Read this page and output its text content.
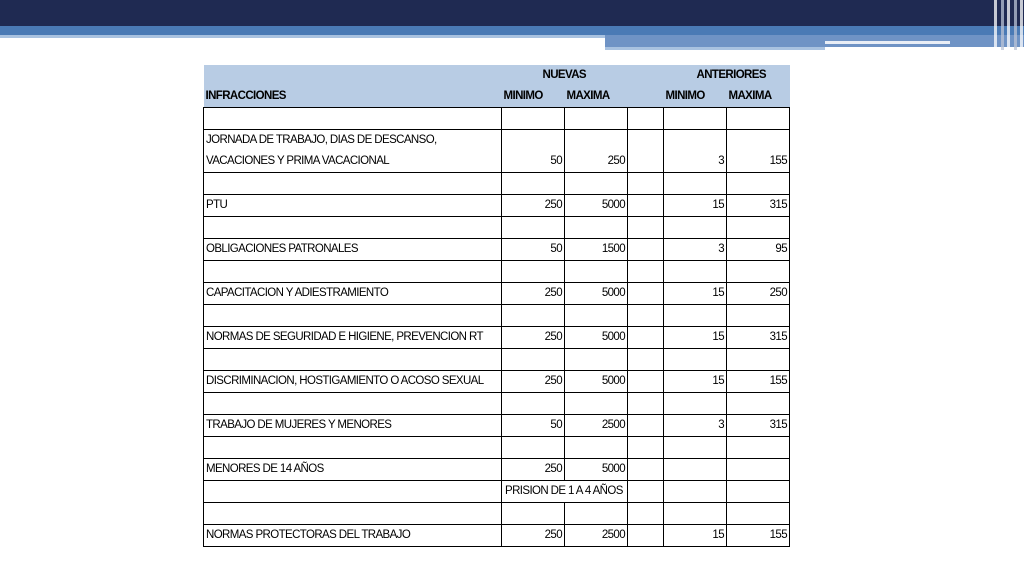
	NUEVAS			ANTERIORES	
INFRACCIONES	MINIMO	MAXIMA		MINIMO	MAXIMA

JORNADA DE TRABAJO, DIAS DE DESCANSO, VACACIONES Y PRIMA VACACIONAL	50	250		3	155

PTU	250	5000		15	315

OBLIGACIONES PATRONALES	50	1500		3	95

CAPACITACION Y ADIESTRAMIENTO	250	5000		15	250

NORMAS DE SEGURIDAD E HIGIENE, PREVENCION RT	250	5000		15	315

DISCRIMINACION, HOSTIGAMIENTO O ACOSO SEXUAL	250	5000		15	155

TRABAJO DE MUJERES Y MENORES	50	2500		3	315

MENORES DE 14 AÑOS	250	5000			
	PRISION DE 1 A 4 AÑOS				

NORMAS PROTECTORAS DEL TRABAJO	250	2500		15	155
